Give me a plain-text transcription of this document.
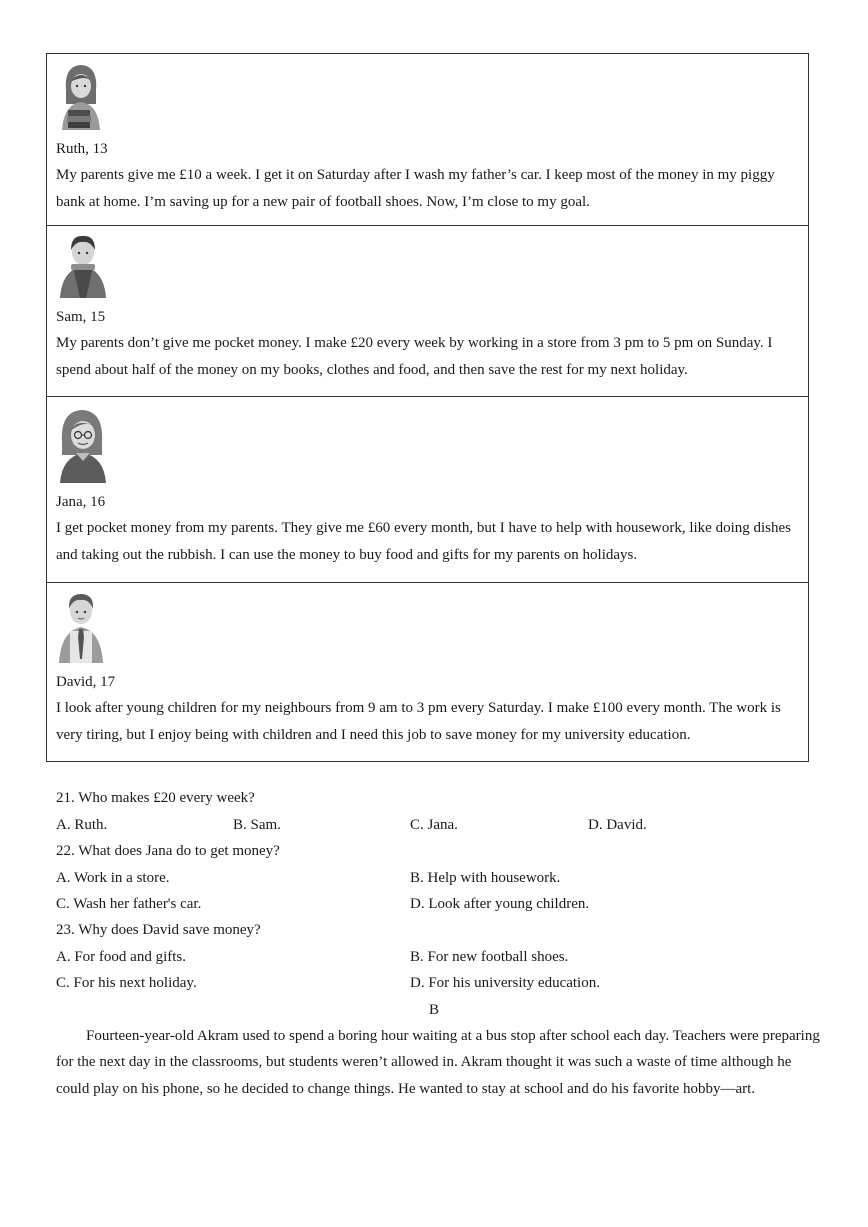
Ruth, 13
My parents give me £10 a week. I get it on Saturday after I wash my father’s car. I keep most of the money in my piggy bank at home. I’m saving up for a new pair of football shoes. Now, I’m close to my goal.
Sam, 15
My parents don’t give me pocket money. I make £20 every week by working in a store from 3 pm to 5 pm on Sunday. I spend about half of the money on my books, clothes and food, and then save the rest for my next holiday.
Jana, 16
I get pocket money from my parents. They give me £60 every month, but I have to help with housework, like doing dishes and taking out the rubbish. I can use the money to buy food and gifts for my parents on holidays.
David, 17
I look after young children for my neighbours from 9 am to 3 pm every Saturday. I make £100 every month. The work is very tiring, but I enjoy being with children and I need this job to save money for my university education.
21. Who makes £20 every week?
A. Ruth.	B. Sam.	C. Jana.	D. David.
22. What does Jana do to get money?
A. Work in a store.	B. Help with housework.
C. Wash her father's car.	D. Look after young children.
23. Why does David save money?
A. For food and gifts.	B. For new football shoes.
C. For his next holiday.	D. For his university education.
B
Fourteen-year-old Akram used to spend a boring hour waiting at a bus stop after school each day. Teachers were preparing for the next day in the classrooms, but students weren’t allowed in. Akram thought it was such a waste of time although he could play on his phone, so he decided to change things. He wanted to stay at school and do his favorite hobby—art.
